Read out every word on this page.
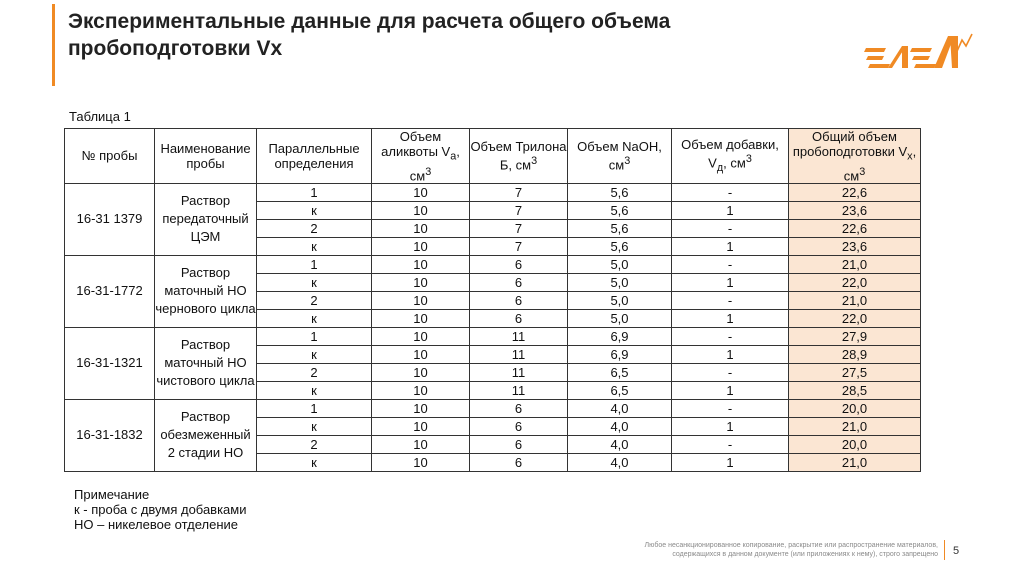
Экспериментальные данные для расчета общего объема пробоподготовки Vx
Таблица 1
№ пробы	Наименование пробы	Параллельные определения	Объем аликвоты $V_а$, $см^3$	Объем Трилона Б, $см^3$	Объем NaOH, $см^3$	Объем добавки, $V_д$, $см^3$	Общий объем пробоподготовки $V_х$, $см^3$
16-31 1379	Раствор передаточный ЦЭМ	1	10	7	5,6	-	22,6
		к	10	7	5,6	1	23,6
		2	10	7	5,6	-	22,6
		к	10	7	5,6	1	23,6
16-31-1772	Раствор маточный НО чернового цикла	1	10	6	5,0	-	21,0
		к	10	6	5,0	1	22,0
		2	10	6	5,0	-	21,0
		к	10	6	5,0	1	22,0
16-31-1321	Раствор маточный НО чистового цикла	1	10	11	6,9	-	27,9
		к	10	11	6,9	1	28,9
		2	10	11	6,5	-	27,5
		к	10	11	6,5	1	28,5
16-31-1832	Раствор обезмеженный 2 стадии НО	1	10	6	4,0	-	20,0
		к	10	6	4,0	1	21,0
		2	10	6	4,0	-	20,0
		к	10	6	4,0	1	21,0
Примечание
к - проба с двумя добавками
НО – никелевое отделение
Любое несанкционированное копирование, раскрытие или распространение материалов,
содержащихся в данном документе (или приложениях к нему), строго запрещено 5
